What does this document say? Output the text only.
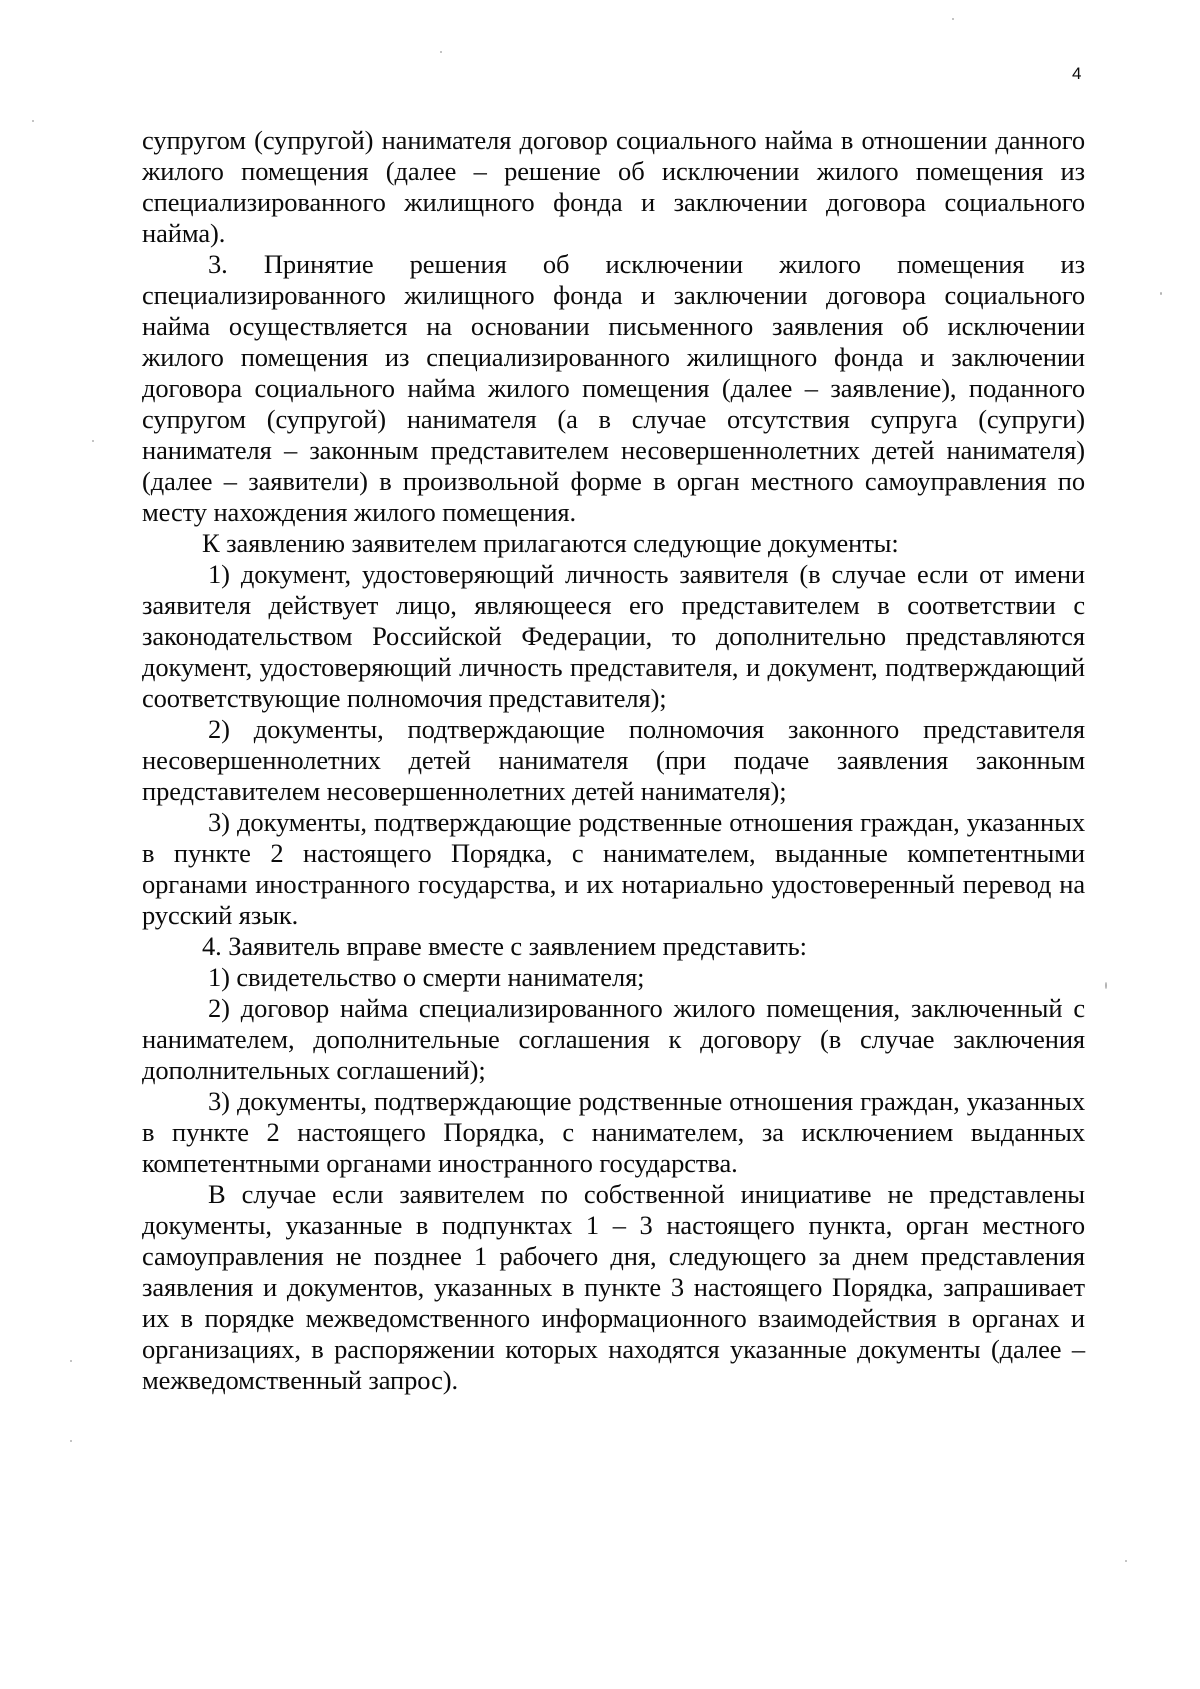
4

супругом (супругой) нанимателя договор социального найма в отношении данного жилого помещения (далее – решение об исключении жилого помещения из специализированного жилищного фонда и заключении договора социального найма).

3. Принятие решения об исключении жилого помещения из специализированного жилищного фонда и заключении договора социального найма осуществляется на основании письменного заявления об исключении жилого помещения из специализированного жилищного фонда и заключении договора социального найма жилого помещения (далее – заявление), поданного супругом (супругой) нанимателя (а в случае отсутствия супруга (супруги) нанимателя – законным представителем несовершеннолетних детей нанимателя) (далее – заявители) в произвольной форме в орган местного самоуправления по месту нахождения жилого помещения.

К заявлению заявителем прилагаются следующие документы:

1) документ, удостоверяющий личность заявителя (в случае если от имени заявителя действует лицо, являющееся его представителем в соответствии с законодательством Российской Федерации, то дополнительно представляются документ, удостоверяющий личность представителя, и документ, подтверждающий соответствующие полномочия представителя);

2) документы, подтверждающие полномочия законного представителя несовершеннолетних детей нанимателя (при подаче заявления законным представителем несовершеннолетних детей нанимателя);

3) документы, подтверждающие родственные отношения граждан, указанных в пункте 2 настоящего Порядка, с нанимателем, выданные компетентными органами иностранного государства, и их нотариально удостоверенный перевод на русский язык.

4. Заявитель вправе вместе с заявлением представить:

1) свидетельство о смерти нанимателя;

2) договор найма специализированного жилого помещения, заключенный с нанимателем, дополнительные соглашения к договору (в случае заключения дополнительных соглашений);

3) документы, подтверждающие родственные отношения граждан, указанных в пункте 2 настоящего Порядка, с нанимателем, за исключением выданных компетентными органами иностранного государства.

В случае если заявителем по собственной инициативе не представлены документы, указанные в подпунктах 1 – 3 настоящего пункта, орган местного самоуправления не позднее 1 рабочего дня, следующего за днем представления заявления и документов, указанных в пункте 3 настоящего Порядка, запрашивает их в порядке межведомственного информационного взаимодействия в органах и организациях, в распоряжении которых находятся указанные документы (далее – межведомственный запрос).
